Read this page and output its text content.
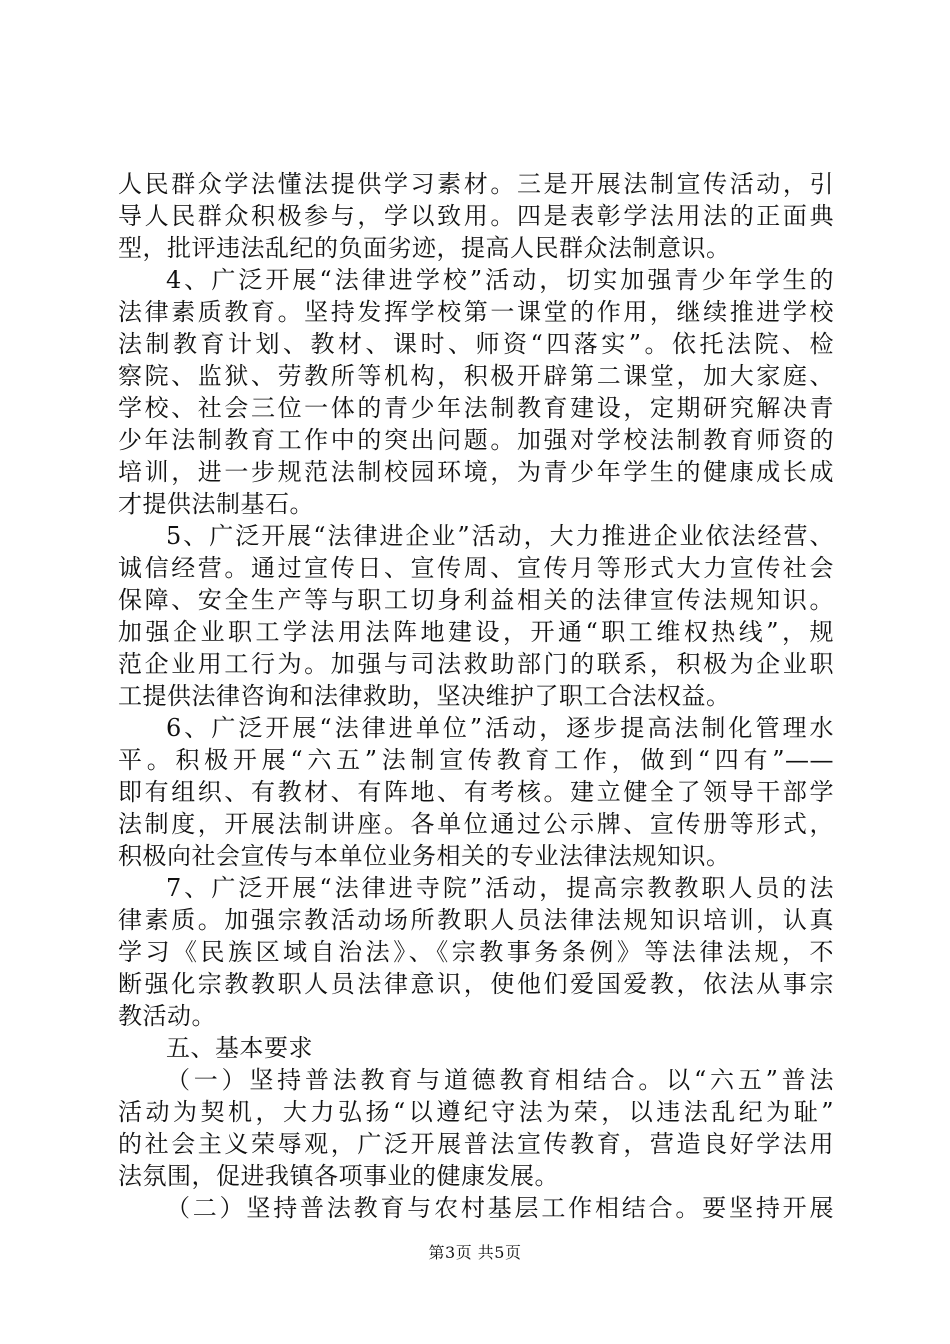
人民群众学法懂法提供学习素材。三是开展法制宣传活动，引
导人民群众积极参与，学以致用。四是表彰学法用法的正面典
型，批评违法乱纪的负面劣迹，提高人民群众法制意识。
4、广泛开展“法律进学校”活动，切实加强青少年学生的
法律素质教育。坚持发挥学校第一课堂的作用，继续推进学校
法制教育计划、教材、课时、师资“四落实”。依托法院、检
察院、监狱、劳教所等机构，积极开辟第二课堂，加大家庭、
学校、社会三位一体的青少年法制教育建设，定期研究解决青
少年法制教育工作中的突出问题。加强对学校法制教育师资的
培训，进一步规范法制校园环境，为青少年学生的健康成长成
才提供法制基石。
5、广泛开展“法律进企业”活动，大力推进企业依法经营、
诚信经营。通过宣传日、宣传周、宣传月等形式大力宣传社会
保障、安全生产等与职工切身利益相关的法律宣传法规知识。
加强企业职工学法用法阵地建设，开通“职工维权热线”，规
范企业用工行为。加强与司法救助部门的联系，积极为企业职
工提供法律咨询和法律救助，坚决维护了职工合法权益。
6、广泛开展“法律进单位”活动，逐步提高法制化管理水
平。积极开展“六五”法制宣传教育工作，做到“四有”——
即有组织、有教材、有阵地、有考核。建立健全了领导干部学
法制度，开展法制讲座。各单位通过公示牌、宣传册等形式，
积极向社会宣传与本单位业务相关的专业法律法规知识。
7、广泛开展“法律进寺院”活动，提高宗教教职人员的法
律素质。加强宗教活动场所教职人员法律法规知识培训，认真
学习《民族区域自治法》、《宗教事务条例》等法律法规，不
断强化宗教教职人员法律意识，使他们爱国爱教，依法从事宗
教活动。
五、基本要求
（一）坚持普法教育与道德教育相结合。以“六五”普法
活动为契机，大力弘扬“以遵纪守法为荣，以违法乱纪为耻”
的社会主义荣辱观，广泛开展普法宣传教育，营造良好学法用
法氛围，促进我镇各项事业的健康发展。
（二）坚持普法教育与农村基层工作相结合。要坚持开展
第3页 共5页
